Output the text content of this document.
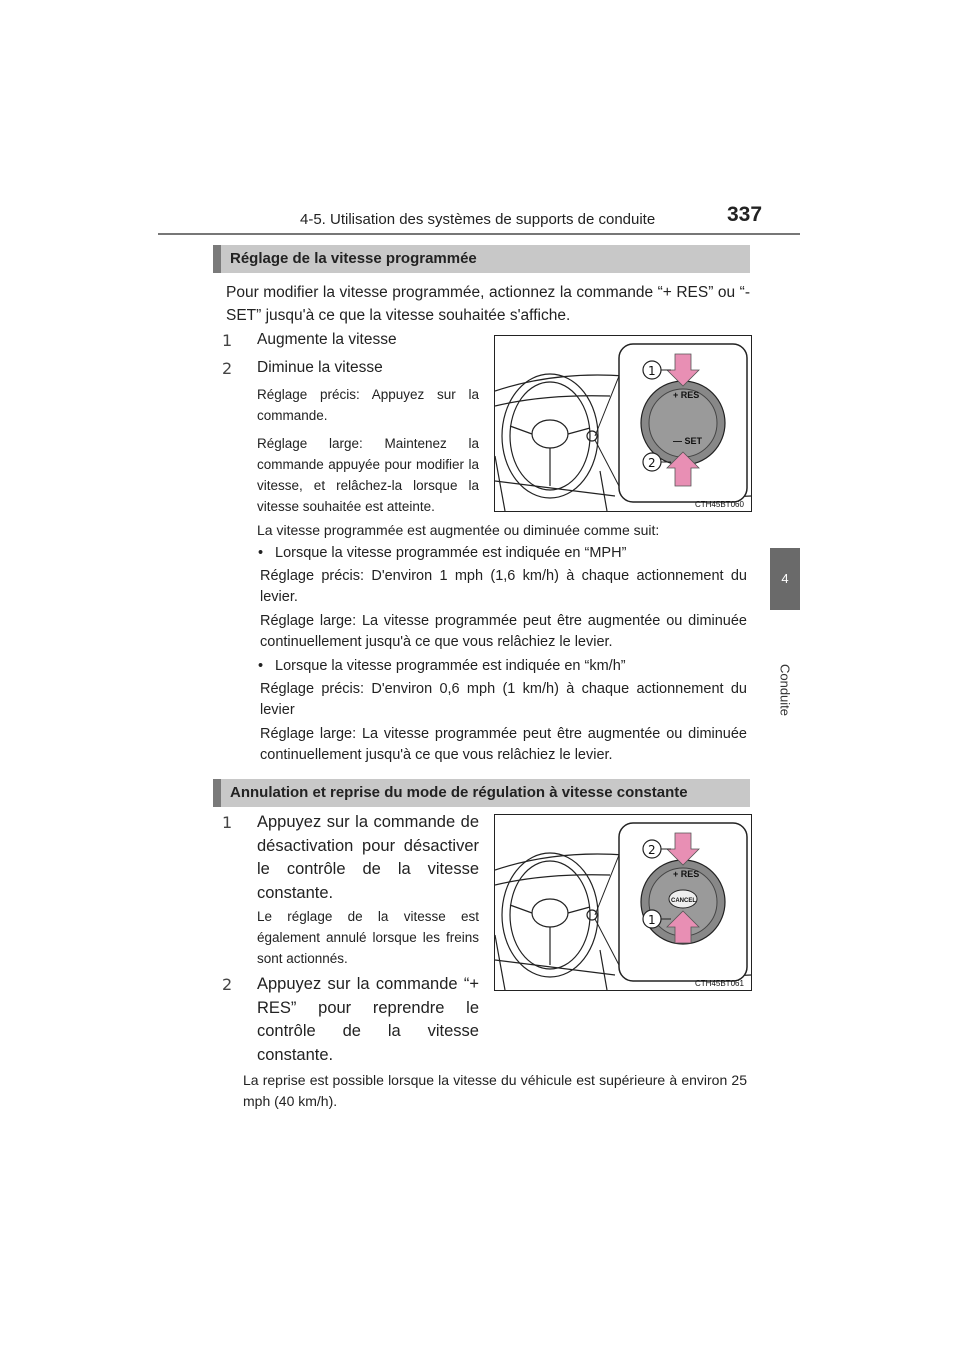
4-5. Utilisation des systèmes de supports de conduite	337
4
Conduite
Réglage de la vitesse programmée
Pour modifier la vitesse programmée, actionnez la commande “+ RES” ou “- SET” jusqu'à ce que la vitesse souhaitée s'affiche.
1	Augmente la vitesse
2	Diminue la vitesse
Réglage précis: Appuyez sur la commande.
Réglage large: Maintenez la commande appuyée pour modifier la vitesse, et relâchez-la lorsque la vitesse souhaitée est atteinte.
+ RES
— SET
1
2
CTH45BT060
La vitesse programmée est augmentée ou diminuée comme suit:
• Lorsque la vitesse programmée est indiquée en “MPH”
Réglage précis: D'environ 1 mph (1,6 km/h) à chaque actionnement du levier.
Réglage large: La vitesse programmée peut être augmentée ou diminuée continuellement jusqu'à ce que vous relâchiez le levier.
• Lorsque la vitesse programmée est indiquée en “km/h”
Réglage précis: D'environ 0,6 mph (1 km/h) à chaque actionnement du levier
Réglage large: La vitesse programmée peut être augmentée ou diminuée continuellement jusqu'à ce que vous relâchiez le levier.
Annulation et reprise du mode de régulation à vitesse constante
1	Appuyez sur la commande de désactivation pour désactiver le contrôle de la vitesse constante.
Le réglage de la vitesse est également annulé lorsque les freins sont actionnés.
2	Appuyez sur la commande “+ RES” pour reprendre le contrôle de la vitesse constante.
+ RES
CANCEL
2
1
CTH45BT061
La reprise est possible lorsque la vitesse du véhicule est supérieure à environ 25 mph (40 km/h).
